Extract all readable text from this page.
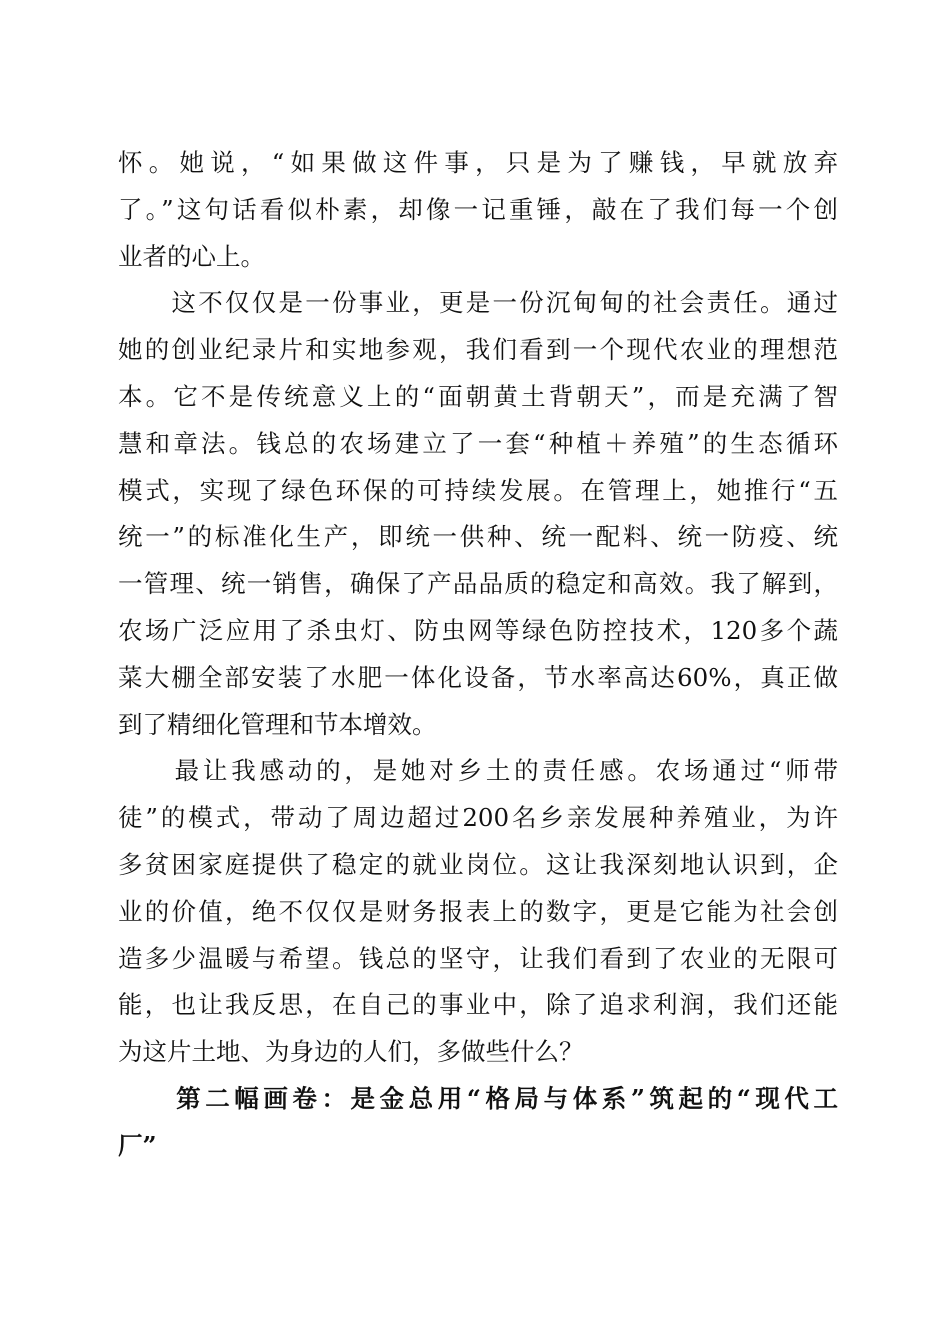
怀。她说，“如果做这件事，只是为了赚钱，早就放弃
了。”这句话看似朴素，却像一记重锤，敲在了我们每一个创
业者的心上。
　　这不仅仅是一份事业，更是一份沉甸甸的社会责任。通过
她的创业纪录片和实地参观，我们看到一个现代农业的理想范
本。它不是传统意义上的“面朝黄土背朝天”，而是充满了智
慧和章法。钱总的农场建立了一套“种植＋养殖”的生态循环
模式，实现了绿色环保的可持续发展。在管理上，她推行“五
统一”的标准化生产，即统一供种、统一配料、统一防疫、统
一管理、统一销售，确保了产品品质的稳定和高效。我了解到，
农场广泛应用了杀虫灯、防虫网等绿色防控技术，120多个蔬
菜大棚全部安装了水肥一体化设备，节水率高达60%，真正做
到了精细化管理和节本增效。
　　最让我感动的，是她对乡土的责任感。农场通过“师带
徒”的模式，带动了周边超过200名乡亲发展种养殖业，为许
多贫困家庭提供了稳定的就业岗位。这让我深刻地认识到，企
业的价值，绝不仅仅是财务报表上的数字，更是它能为社会创
造多少温暖与希望。钱总的坚守，让我们看到了农业的无限可
能，也让我反思，在自己的事业中，除了追求利润，我们还能
为这片土地、为身边的人们，多做些什么？
　　第二幅画卷：是金总用“格局与体系”筑起的“现代工
厂”
